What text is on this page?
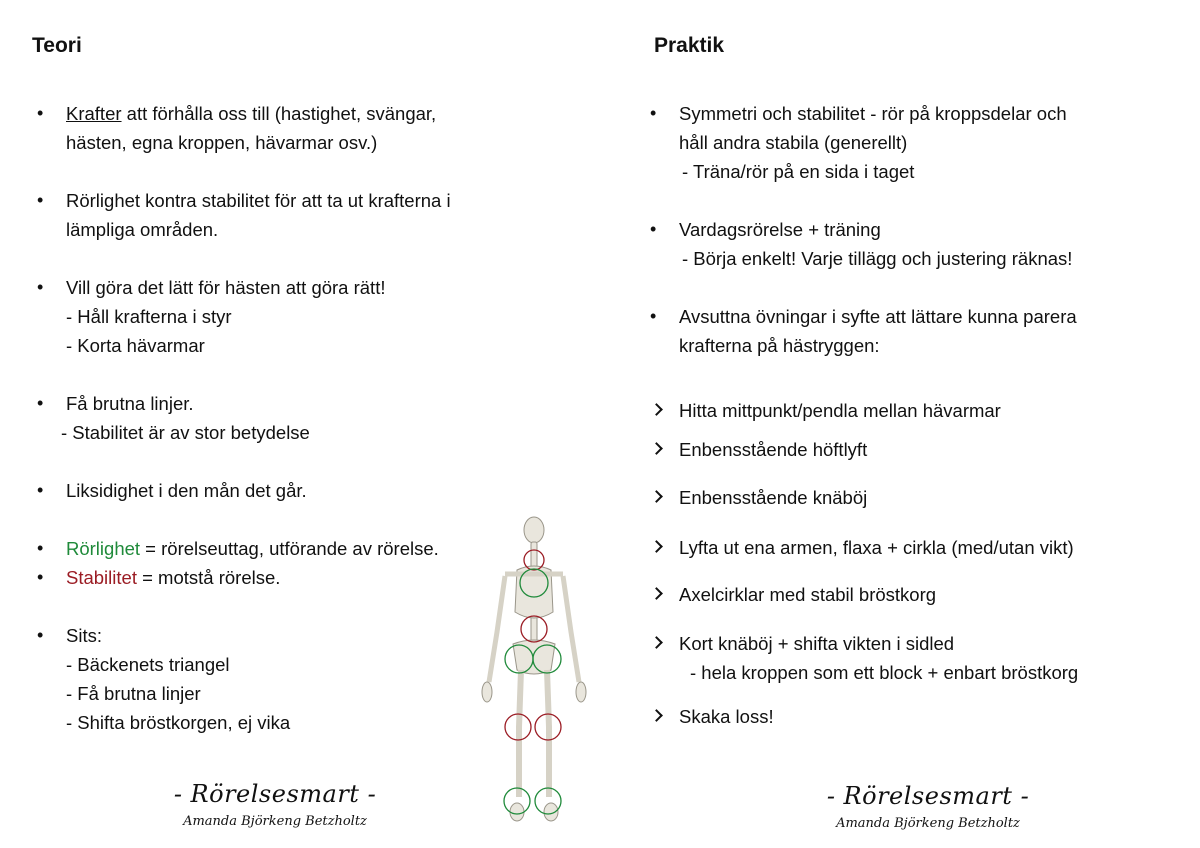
Teori	Praktik
• Krafter att förhålla oss till (hastighet, svängar,
hästen, egna kroppen, hävarmar osv.)
• Rörlighet kontra stabilitet för att ta ut krafterna i
lämpliga områden.
• Vill göra det lätt för hästen att göra rätt!
- Håll krafterna i styr
- Korta hävarmar
• Få brutna linjer.
- Stabilitet är av stor betydelse
• Liksidighet i den mån det går.
• Rörlighet = rörelseuttag, utförande av rörelse.
• Stabilitet = motstå rörelse.
• Sits:
- Bäckenets triangel
- Få brutna linjer
- Shifta bröstkorgen, ej vika
• Symmetri och stabilitet - rör på kroppsdelar och
håll andra stabila (generellt)
- Träna/rör på en sida i taget
• Vardagsrörelse + träning
- Börja enkelt! Varje tillägg och justering räknas!
• Avsuttna övningar i syfte att lättare kunna parera
krafterna på hästryggen:
Hitta mittpunkt/pendla mellan hävarmar
Enbensstående höftlyft
Enbensstående knäböj
Lyfta ut ena armen, flaxa + cirkla (med/utan vikt)
Axelcirklar med stabil bröstkorg
Kort knäböj + shifta vikten i sidled
- hela kroppen som ett block + enbart bröstkorg
Skaka loss!
- Rörelsesmart -
Amanda Björkeng Betzholtz
- Rörelsesmart -
Amanda Björkeng Betzholtz
